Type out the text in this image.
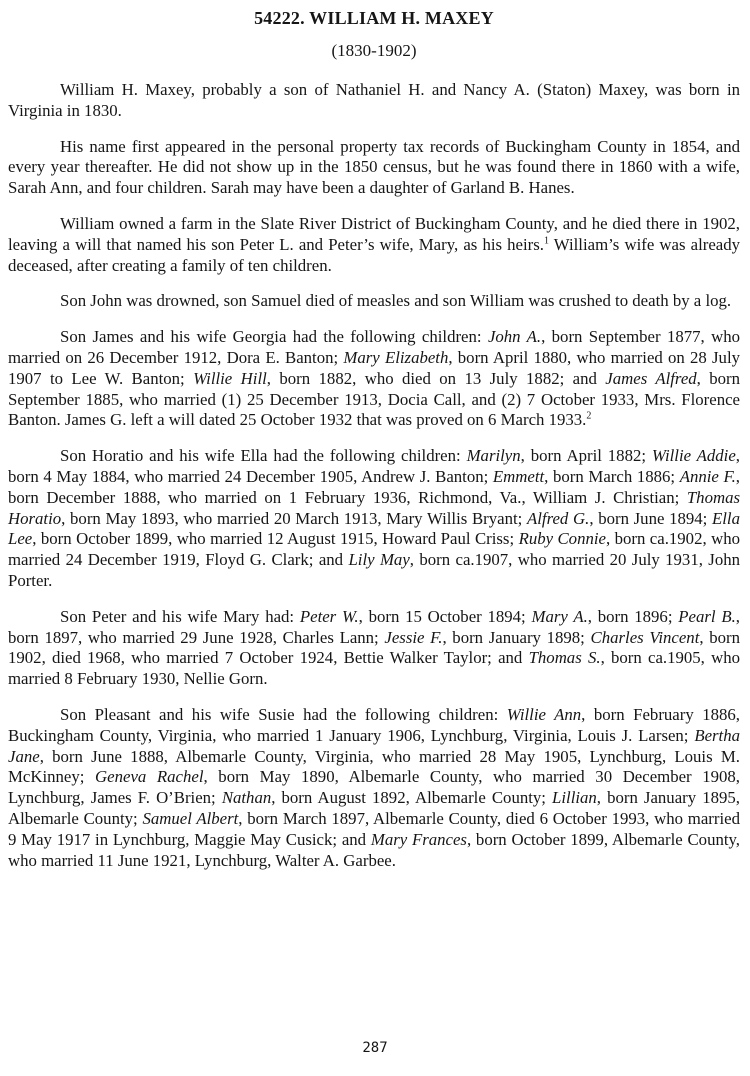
54222. WILLIAM H. MAXEY
(1830-1902)

William H. Maxey, probably a son of Nathaniel H. and Nancy A. (Staton) Maxey, was born in Virginia in 1830.

His name first appeared in the personal property tax records of Buckingham County in 1854, and every year thereafter. He did not show up in the 1850 census, but he was found there in 1860 with a wife, Sarah Ann, and four children. Sarah may have been a daughter of Garland B. Hanes.

William owned a farm in the Slate River District of Buckingham County, and he died there in 1902, leaving a will that named his son Peter L. and Peter’s wife, Mary, as his heirs.$^1$ William’s wife was already deceased, after creating a family of ten children.

Son John was drowned, son Samuel died of measles and son William was crushed to death by a log.

Son James and his wife Georgia had the following children: John A., born September 1877, who married on 26 December 1912, Dora E. Banton; Mary Elizabeth, born April 1880, who married on 28 July 1907 to Lee W. Banton; Willie Hill, born 1882, who died on 13 July 1882; and James Alfred, born September 1885, who married (1) 25 December 1913, Docia Call, and (2) 7 October 1933, Mrs. Florence Banton. James G. left a will dated 25 October 1932 that was proved on 6 March 1933.$^2$

Son Horatio and his wife Ella had the following children: Marilyn, born April 1882; Willie Addie, born 4 May 1884, who married 24 December 1905, Andrew J. Banton; Emmett, born March 1886; Annie F., born December 1888, who married on 1 February 1936, Richmond, Va., William J. Christian; Thomas Horatio, born May 1893, who married 20 March 1913, Mary Willis Bryant; Alfred G., born June 1894; Ella Lee, born October 1899, who married 12 August 1915, Howard Paul Criss; Ruby Connie, born ca.1902, who married 24 December 1919, Floyd G. Clark; and Lily May, born ca.1907, who married 20 July 1931, John Porter.

Son Peter and his wife Mary had: Peter W., born 15 October 1894; Mary A., born 1896; Pearl B., born 1897, who married 29 June 1928, Charles Lann; Jessie F., born January 1898; Charles Vincent, born 1902, died 1968, who married 7 October 1924, Bettie Walker Taylor; and Thomas S., born ca.1905, who married 8 February 1930, Nellie Gorn.

Son Pleasant and his wife Susie had the following children: Willie Ann, born February 1886, Buckingham County, Virginia, who married 1 January 1906, Lynchburg, Virginia, Louis J. Larsen; Bertha Jane, born June 1888, Albemarle County, Virginia, who married 28 May 1905, Lynchburg, Louis M. McKinney; Geneva Rachel, born May 1890, Albemarle County, who married 30 December 1908, Lynchburg, James F. O’Brien; Nathan, born August 1892, Albemarle County; Lillian, born January 1895, Albemarle County; Samuel Albert, born March 1897, Albemarle County, died 6 October 1993, who married 9 May 1917 in Lynchburg, Maggie May Cusick; and Mary Frances, born October 1899, Albemarle County, who married 11 June 1921, Lynchburg, Walter A. Garbee.

287
